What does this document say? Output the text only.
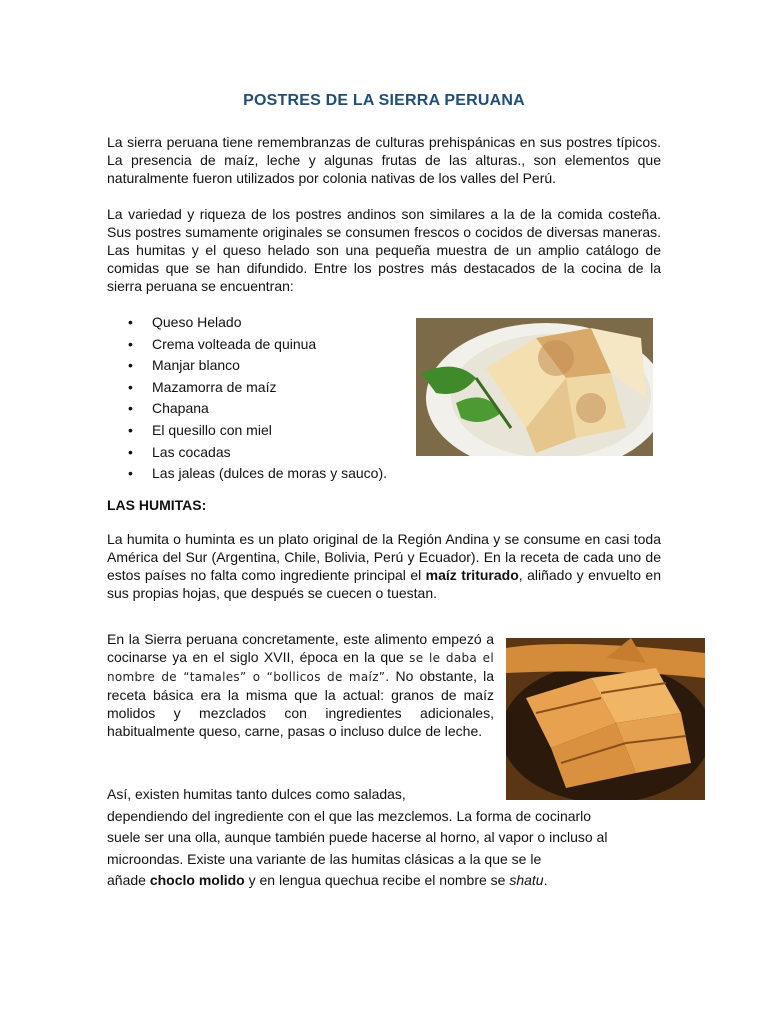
POSTRES DE LA SIERRA PERUANA
La sierra peruana tiene remembranzas de culturas prehispánicas en sus postres típicos. La presencia de maíz, leche y algunas frutas de las alturas., son elementos que naturalmente fueron utilizados por colonia nativas de los valles del Perú.
La variedad y riqueza de los postres andinos son similares a la de la comida costeña. Sus postres sumamente originales se consumen frescos o cocidos de diversas maneras. Las humitas y el queso helado son una pequeña muestra de un amplio catálogo de comidas que se han difundido. Entre los postres más destacados de la cocina de la sierra peruana se encuentran:
• Queso Helado
• Crema volteada de quinua
• Manjar blanco
• Mazamorra de maíz
• Chapana
• El quesillo con miel
• Las cocadas
• Las jaleas (dulces de moras y sauco).
LAS HUMITAS:
La humita o huminta es un plato original de la Región Andina y se consume en casi toda América del Sur (Argentina, Chile, Bolivia, Perú y Ecuador). En la receta de cada uno de estos países no falta como ingrediente principal el maíz triturado, aliñado y envuelto en sus propias hojas, que después se cuecen o tuestan.
En la Sierra peruana concretamente, este alimento empezó a cocinarse ya en el siglo XVII, época en la que se le daba el nombre de “tamales” o “bollicos de maíz”. No obstante, la receta básica era la misma que la actual: granos de maíz molidos y mezclados con ingredientes adicionales, habitualmente queso, carne, pasas o incluso dulce de leche.
Así, existen humitas tanto dulces como saladas,
dependiendo del ingrediente con el que las mezclemos. La forma de cocinarlo
suele ser una olla, aunque también puede hacerse al horno, al vapor o incluso al
microondas. Existe una variante de las humitas clásicas a la que se le
añade choclo molido y en lengua quechua recibe el nombre se shatu.
